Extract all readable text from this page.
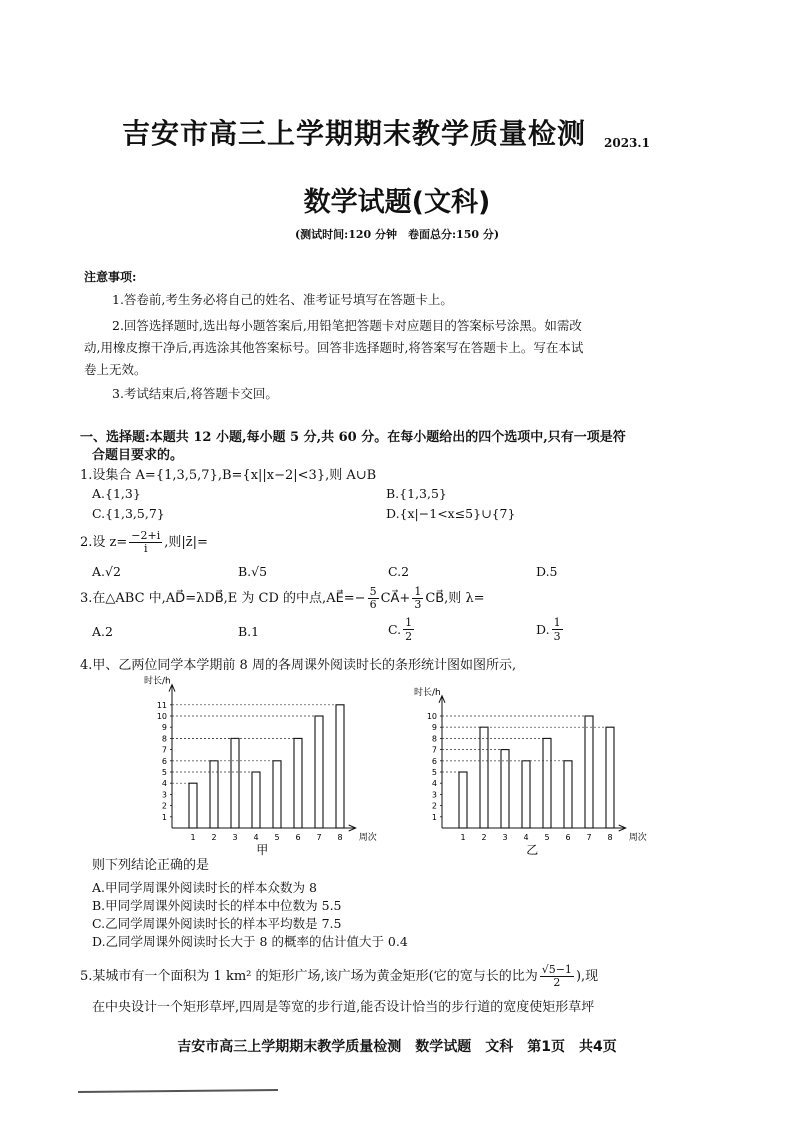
吉安市高三上学期期末教学质量检测 2023.1
数学试题(文科)
(测试时间:120 分钟　卷面总分:150 分)
注意事项:
1.答卷前,考生务必将自己的姓名、准考证号填写在答题卡上。
2.回答选择题时,选出每小题答案后,用铅笔把答题卡对应题目的答案标号涂黑。如需改
动,用橡皮擦干净后,再选涂其他答案标号。回答非选择题时,将答案写在答题卡上。写在本试
卷上无效。
3.考试结束后,将答题卡交回。
一、选择题:本题共 12 小题,每小题 5 分,共 60 分。在每小题给出的四个选项中,只有一项是符
合题目要求的。
1.设集合 A={1,3,5,7},B={x||x−2|<3},则 A∪B
A.{1,3}	B.{1,3,5}
C.{1,3,5,7}	D.{x|−1<x≤5}∪{7}
2.设 $z= \frac{-2+i}{i}$ ,则|z̄|=
A.√2	B.√5	C.2	D.5
3.在△ABC 中,AD⃗=λDB⃗,E 为 CD 的中点,AE⃗=− $\frac{5}{6}$ CA⃗+ $\frac{1}{3}$ CB⃗,则 λ=
A.2	B.1	C. $\frac{1}{2}$	D. $\frac{1}{3}$
4.甲、乙两位同学本学期前 8 周的各周课外阅读时长的条形统计图如图所示,
时长/h
1
2
3
4
5
6
7
8
9
10
11
1 2 3 4 5 6 7 8 周次
甲
时长/h
1
2
3
4
5
6
7
8
9
10
1 2 3 4 5 6 7 8 周次
乙
则下列结论正确的是
A.甲同学周课外阅读时长的样本众数为 8
B.甲同学周课外阅读时长的样本中位数为 5.5
C.乙同学周课外阅读时长的样本平均数是 7.5
D.乙同学周课外阅读时长大于 8 的概率的估计值大于 0.4
5.某城市有一个面积为 1 km² 的矩形广场,该广场为黄金矩形 (它的宽与长的比为 $\frac{√5-1}{2}$ ),现
在中央设计一个矩形草坪,四周是等宽的步行道,能否设计恰当的步行道的宽度使矩形草坪
吉安市高三上学期期末教学质量检测　数学试题　文科　第1页　共4页
